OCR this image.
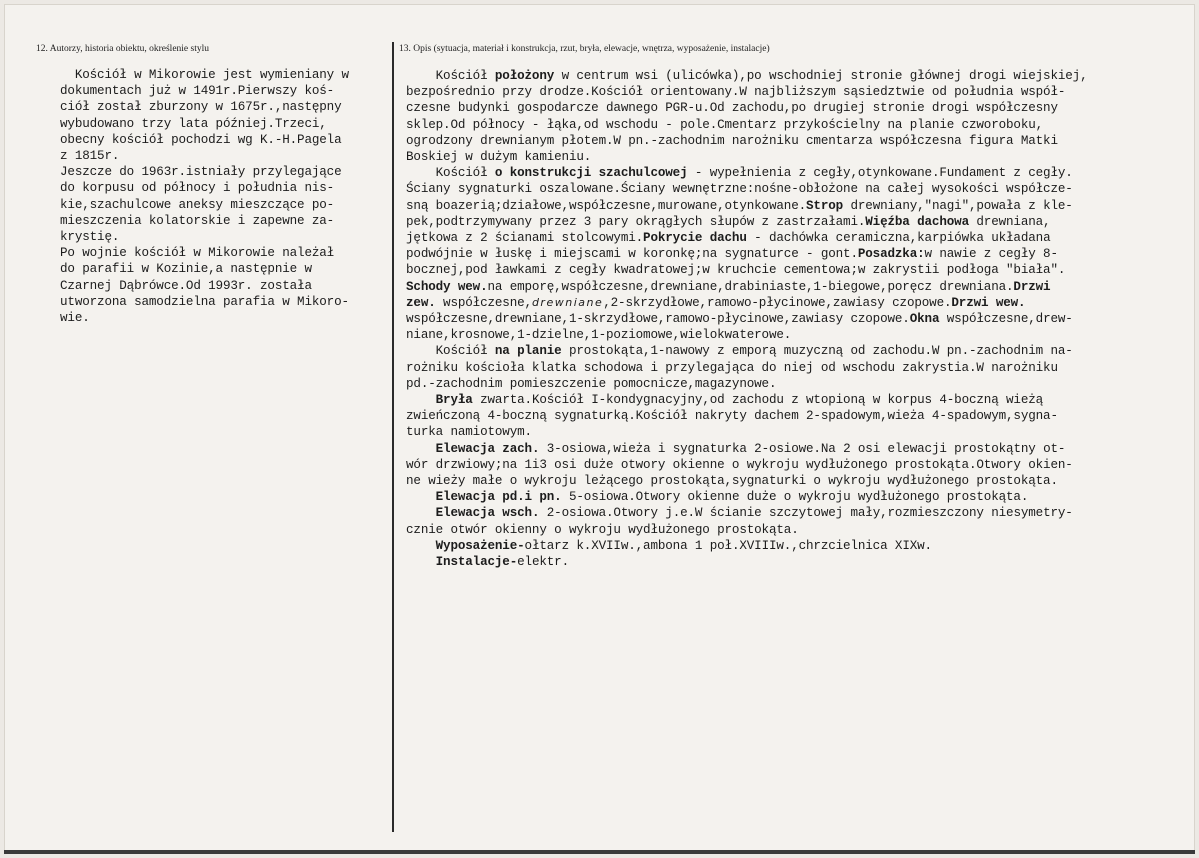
12. Autorzy, historia obiektu, określenie stylu	13. Opis (sytuacja, materiał i konstrukcja, rzut, bryła, elewacje, wnętrza, wyposażenie, instalacje)
Kościół w Mikorowie jest wymieniany w
dokumentach już w 1491r.Pierwszy koś-
ciół został zburzony w 1675r.,następny
wybudowano trzy lata później.Trzeci,
obecny kościół pochodzi wg K.-H.Pagela
z 1815r.
Jeszcze do 1963r.istniały przylegające
do korpusu od północy i południa nis-
kie,szachulcowe aneksy mieszczące po-
mieszczenia kolatorskie i zapewne za-
krystię.
Po wojnie kościół w Mikorowie należał
do parafii w Kozinie,a następnie w
Czarnej Dąbrówce.Od 1993r. została
utworzona samodzielna parafia w Mikoro-
wie.
Kościół położony w centrum wsi (ulicówka),po wschodniej stronie głównej drogi wiejskiej,
bezpośrednio przy drodze.Kościół orientowany.W najbliższym sąsiedztwie od południa współ-
czesne budynki gospodarcze dawnego PGR-u.Od zachodu,po drugiej stronie drogi współczesny
sklep.Od północy - łąka,od wschodu - pole.Cmentarz przykościelny na planie czworoboku,
ogrodzony drewnianym płotem.W pn.-zachodnim narożniku cmentarza współczesna figura Matki
Boskiej w dużym kamieniu.
Kościół o konstrukcji szachulcowej - wypełnienia z cegły,otynkowane.Fundament z cegły.
Ściany sygnaturki oszalowane.Ściany wewnętrzne:nośne-obłożone na całej wysokości współcze-
sną boazerią;działowe,współczesne,murowane,otynkowane.Strop drewniany,"nagi",powała z kle-
pek,podtrzymywany przez 3 pary okrągłych słupów z zastrzałami.Więźba dachowa drewniana,
jętkowa z 2 ścianami stolcowymi.Pokrycie dachu - dachówka ceramiczna,karpiówka układana
podwójnie w łuskę i miejscami w koronkę;na sygnaturce - gont.Posadzka:w nawie z cegły 8-
bocznej,pod ławkami z cegły kwadratowej;w kruchcie cementowa;w zakrystii podłoga "biała".
Schody wew.na emporę,współczesne,drewniane,drabiniaste,1-biegowe,poręcz drewniana.Drzwi
zew. współczesne,drewniane,2-skrzydłowe,ramowo-płycinowe,zawiasy czopowe.Drzwi wew.
współczesne,drewniane,1-skrzydłowe,ramowo-płycinowe,zawiasy czopowe.Okna współczesne,drew-
niane,krosnowe,1-dzielne,1-poziomowe,wielokwaterowe.
Kościół na planie prostokąta,1-nawowy z emporą muzyczną od zachodu.W pn.-zachodnim na-
rożniku kościoła klatka schodowa i przylegająca do niej od wschodu zakrystia.W narożniku
pd.-zachodnim pomieszczenie pomocnicze,magazynowe.
Bryła zwarta.Kościół I-kondygnacyjny,od zachodu z wtopioną w korpus 4-boczną wieżą
zwieńczoną 4-boczną sygnaturką.Kościół nakryty dachem 2-spadowym,wieża 4-spadowym,sygna-
turka namiotowym.
Elewacja zach. 3-osiowa,wieża i sygnaturka 2-osiowe.Na 2 osi elewacji prostokątny ot-
wór drzwiowy;na 1i3 osi duże otwory okienne o wykroju wydłużonego prostokąta.Otwory okien-
ne wieży małe o wykroju leżącego prostokąta,sygnaturki o wykroju wydłużonego prostokąta.
Elewacja pd.i pn. 5-osiowa.Otwory okienne duże o wykroju wydłużonego prostokąta.
Elewacja wsch. 2-osiowa.Otwory j.e.W ścianie szczytowej mały,rozmieszczony niesymetry-
cznie otwór okienny o wykroju wydłużonego prostokąta.
Wyposażenie-ołtarz k.XVIIw.,ambona 1 poł.XVIIIw.,chrzcielnica XIXw.
Instalacje-elektr.
